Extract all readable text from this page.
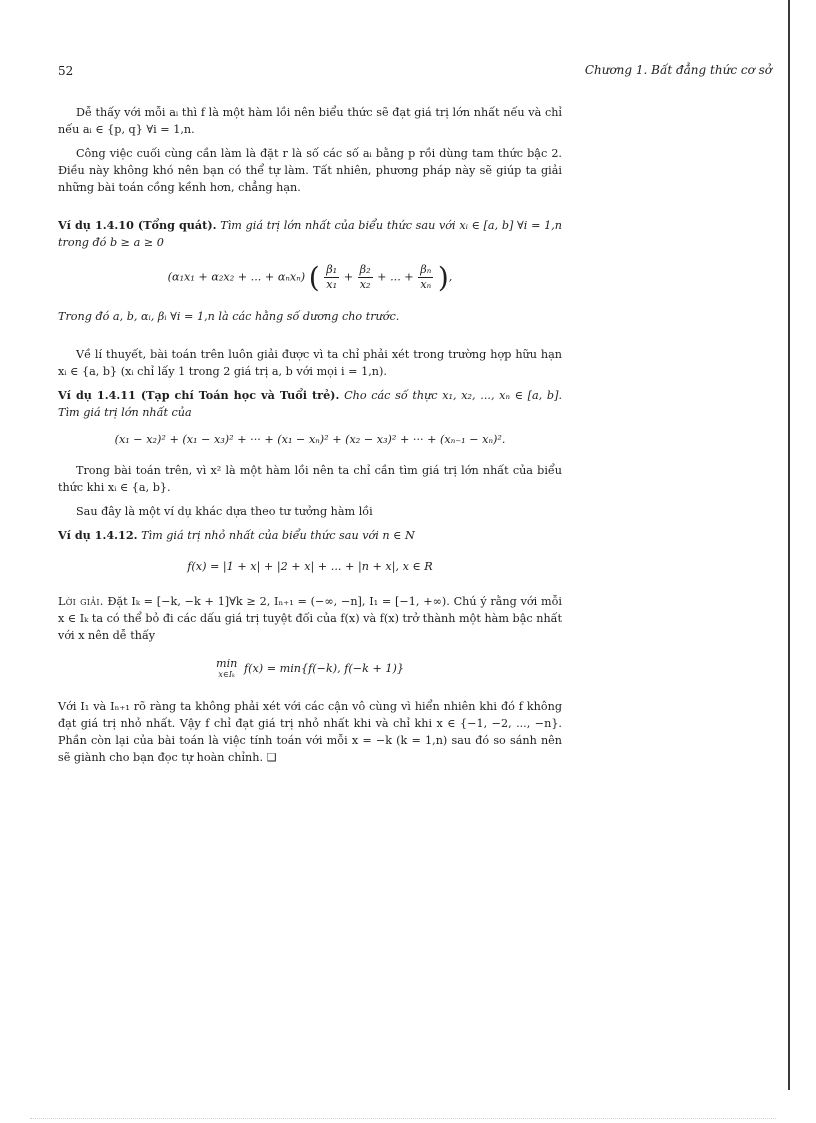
52	Chương 1. Bất đẳng thức cơ sở

Dễ thấy với mỗi aᵢ thì f là một hàm lồi nên biểu thức sẽ đạt giá trị lớn nhất nếu và chỉ nếu aᵢ ∈ {p, q} ∀i = 1,n.

Công việc cuối cùng cần làm là đặt r là số các số aᵢ bằng p rồi dùng tam thức bậc 2. Điều này không khó nên bạn có thể tự làm. Tất nhiên, phương pháp này sẽ giúp ta giải những bài toán cồng kềnh hơn, chẳng hạn.

Ví dụ 1.4.10 (Tổng quát). Tìm giá trị lớn nhất của biểu thức sau với xᵢ ∈ [a, b] ∀i = 1,n trong đó b ≥ a ≥ 0

(α₁x₁ + α₂x₂ + ... + αₙxₙ) ( $\frac{\text{β₁}}{\text{x₁}} + \frac{\text{β₂}}{\text{x₂}}$ + ... + $\frac{\text{βₙ}}{\text{xₙ}}$ ),

Trong đó a, b, αᵢ, βᵢ ∀i = 1,n là các hằng số dương cho trước.

Về lí thuyết, bài toán trên luôn giải được vì ta chỉ phải xét trong trường hợp hữu hạn xᵢ ∈ {a, b} (xᵢ chỉ lấy 1 trong 2 giá trị a, b với mọi i = 1,n).

Ví dụ 1.4.11 (Tạp chí Toán học và Tuổi trẻ). Cho các số thực x₁, x₂, ..., xₙ ∈ [a, b]. Tìm giá trị lớn nhất của

(x₁ − x₂)² + (x₁ − x₃)² + ··· + (x₁ − xₙ)² + (x₂ − x₃)² + ··· + (xₙ₋₁ − xₙ)².

Trong bài toán trên, vì x² là một hàm lồi nên ta chỉ cần tìm giá trị lớn nhất của biểu thức khi xᵢ ∈ {a, b}.

Sau đây là một ví dụ khác dựa theo tư tưởng hàm lồi

Ví dụ 1.4.12. Tìm giá trị nhỏ nhất của biểu thức sau với n ∈ N

f(x) = |1 + x| + |2 + x| + ... + |n + x|, x ∈ R

Lời giải. Đặt Iₖ = [−k, −k + 1]∀k ≥ 2, Iₙ₊₁ = (−∞, −n], I₁ = [−1, +∞). Chú ý rằng với mỗi x ∈ Iₖ ta có thể bỏ đi các dấu giá trị tuyệt đối của f(x) và f(x) trở thành một hàm bậc nhất với x nên dễ thấy

min
x∈Iₖ f(x) = min{f(−k), f(−k + 1)}

Với I₁ và Iₙ₊₁ rõ ràng ta không phải xét với các cận vô cùng vì hiển nhiên khi đó f không đạt giá trị nhỏ nhất. Vậy f chỉ đạt giá trị nhỏ nhất khi và chỉ khi x ∈ {−1, −2, ..., −n}. Phần còn lại của bài toán là việc tính toán với mỗi x = −k (k = 1,n) sau đó so sánh nên sẽ giành cho bạn đọc tự hoàn chỉnh. ❑
